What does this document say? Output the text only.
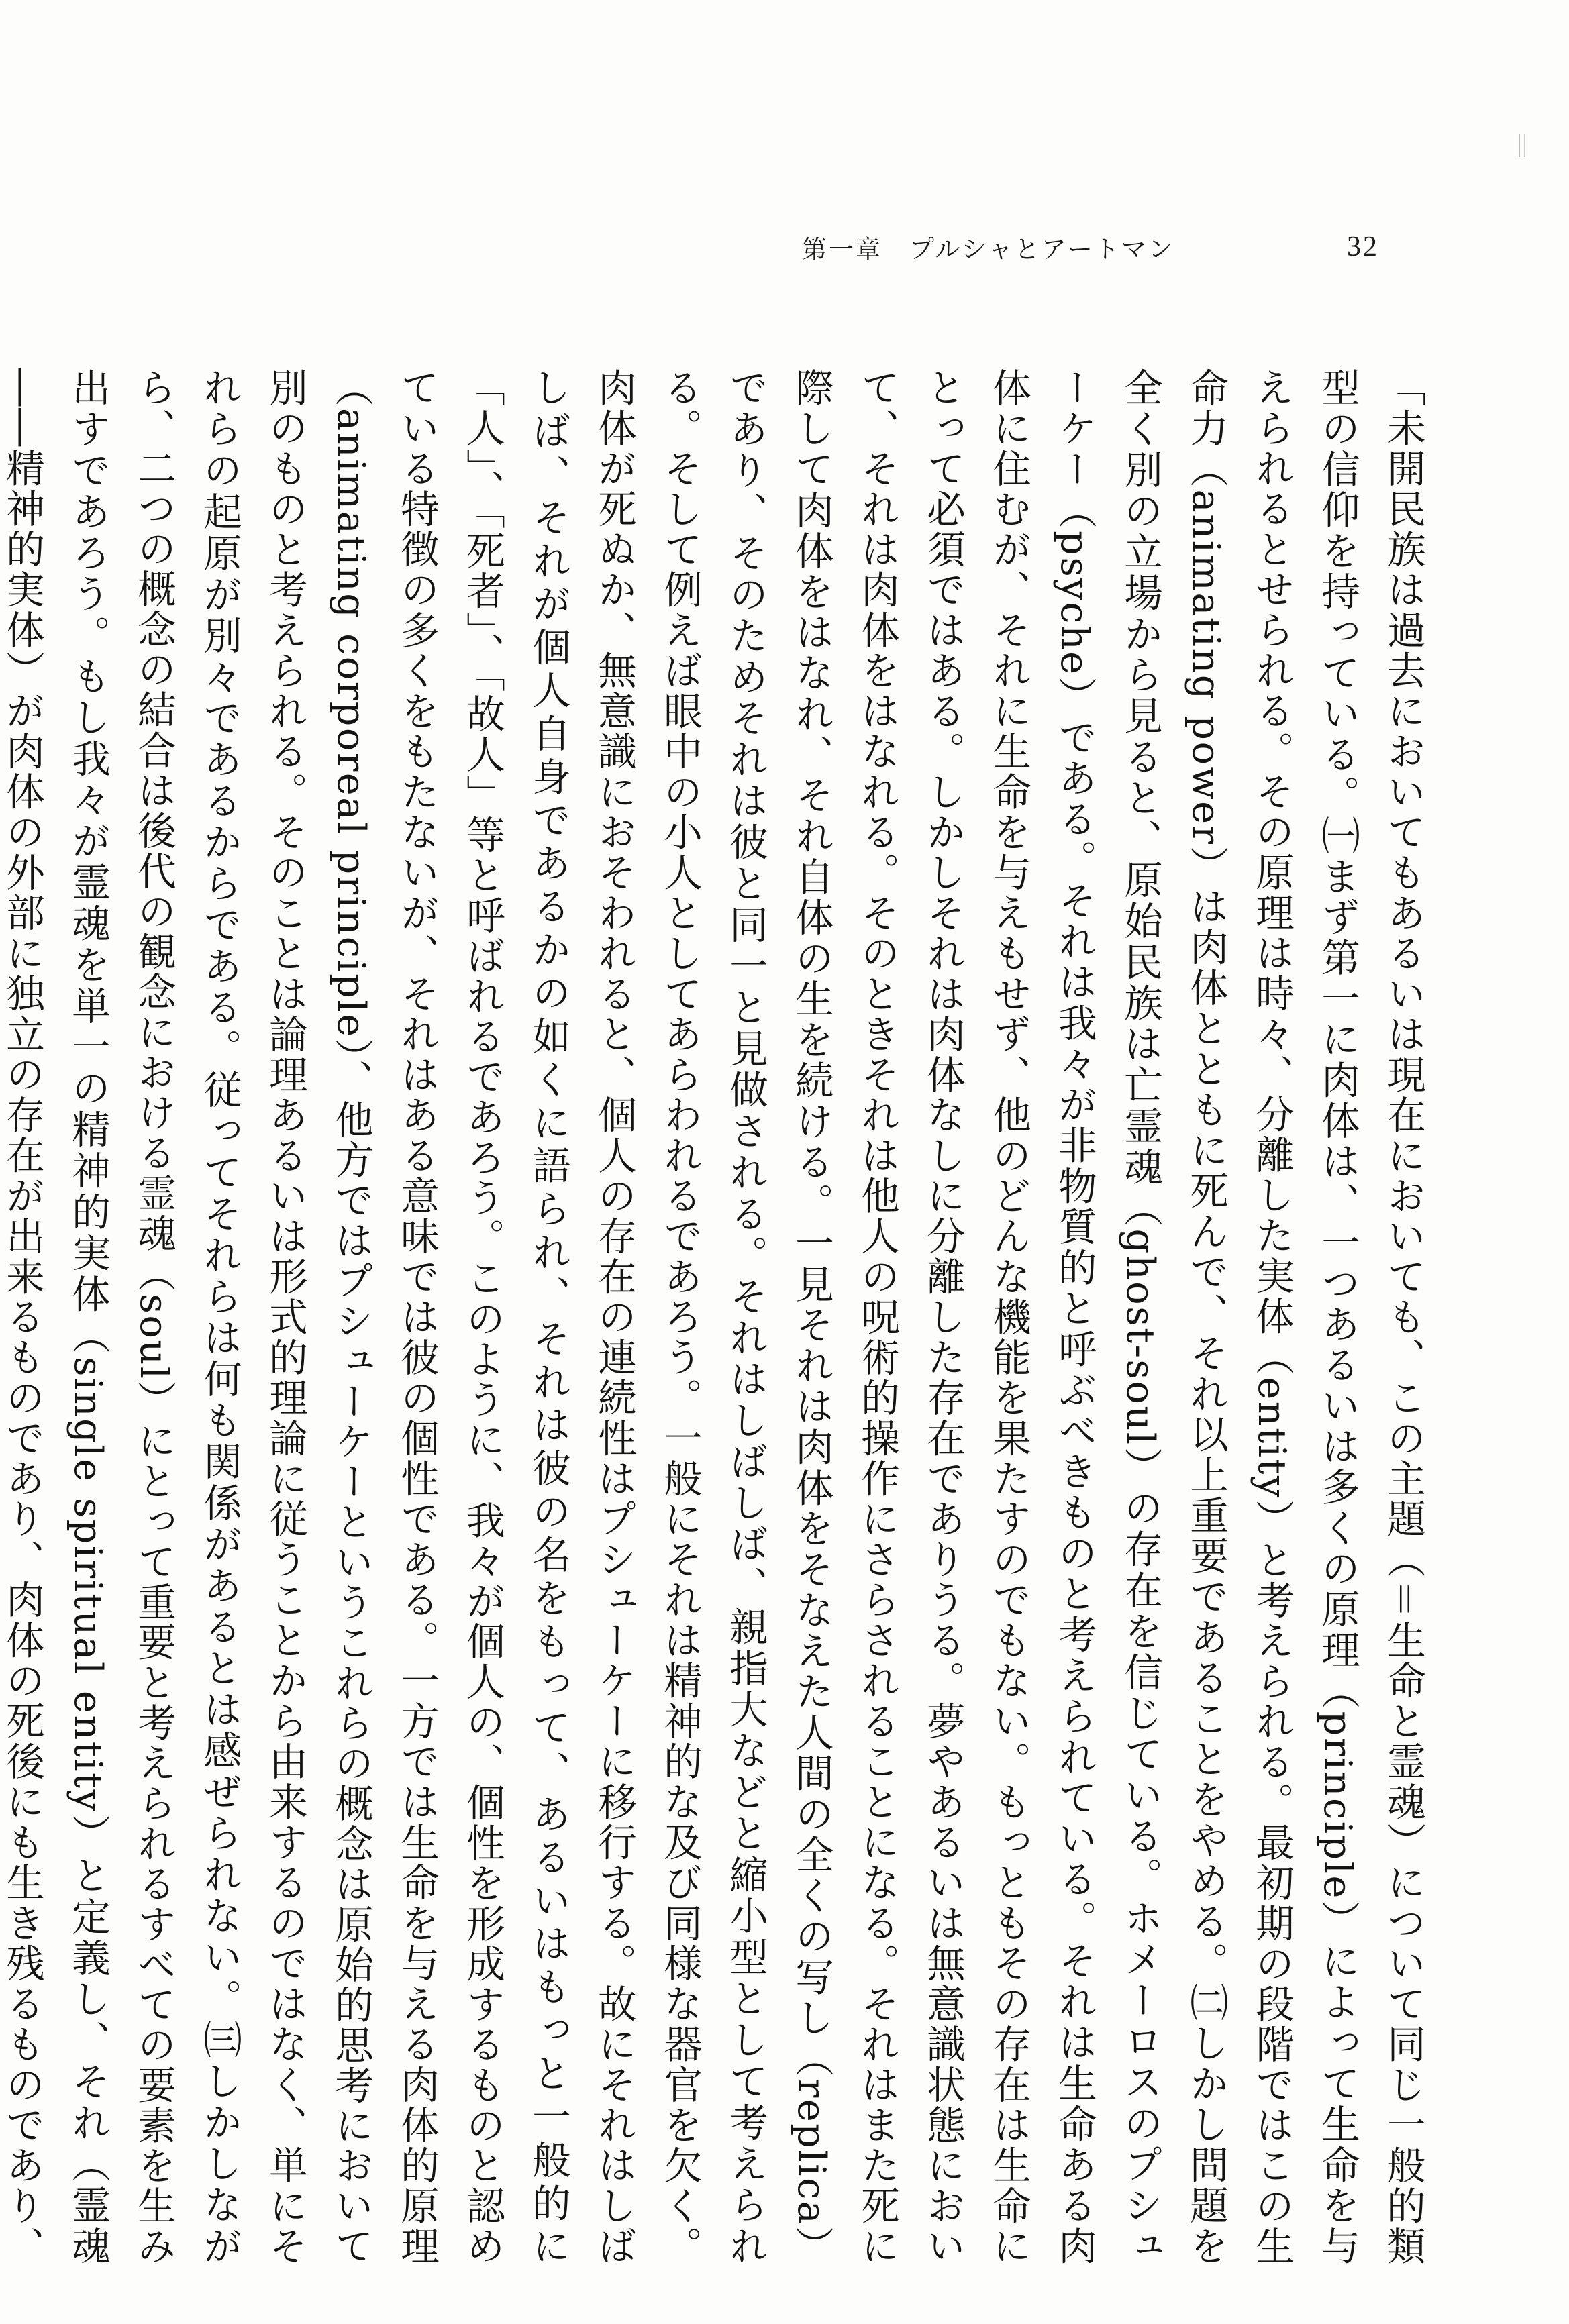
第一章　プルシャとアートマン	32

「未開民族は過去においてもあるいは現在においても、この主題（＝生命と霊魂）について同じ一般的類型の信仰を持っている。㈠まず第一に肉体は、一つあるいは多くの原理（principle）によって生命を与えられるとせられる。その原理は時々、分離した実体（entity）と考えられる。最初期の段階ではこの生命力（animating power）は肉体とともに死んで、それ以上重要であることをやめる。㈡しかし問題を全く別の立場から見ると、原始民族は亡霊魂（ghost-soul）の存在を信じている。ホメーロスのプシューケー（psyche）である。それは我々が非物質的と呼ぶべきものと考えられている。それは生命ある肉体に住むが、それに生命を与えもせず、他のどんな機能を果たすのでもない。もっともその存在は生命にとって必須ではある。しかしそれは肉体なしに分離した存在でありうる。夢やあるいは無意識状態において、それは肉体をはなれる。そのときそれは他人の呪術的操作にさらされることになる。それはまた死に際して肉体をはなれ、それ自体の生を続ける。一見それは肉体をそなえた人間の全くの写し（replica）であり、そのためそれは彼と同一と見做される。それはしばしば、親指大などと縮小型として考えられる。そして例えば眼中の小人としてあらわれるであろう。一般にそれは精神的な及び同様な器官を欠く。肉体が死ぬか、無意識におそわれると、個人の存在の連続性はプシューケーに移行する。故にそれはしばしば、それが個人自身であるかの如くに語られ、それは彼の名をもって、あるいはもっと一般的に「人」、「死者」、「故人」等と呼ばれるであろう。このように、我々が個人の、個性を形成するものと認めている特徴の多くをもたないが、それはある意味では彼の個性である。一方では生命を与える肉体的原理（animating corporeal principle）、他方ではプシューケーというこれらの概念は原始的思考において別のものと考えられる。そのことは論理あるいは形式的理論に従うことから由来するのではなく、単にそれらの起原が別々であるからである。従ってそれらは何も関係があるとは感ぜられない。㈢しかしながら、二つの概念の結合は後代の観念における霊魂（soul）にとって重要と考えられるすべての要素を生み出すであろう。もし我々が霊魂を単一の精神的実体（single spiritual entity）と定義し、それ（霊魂――精神的実体）が肉体の外部に独立の存在が出来るものであり、肉体の死後にも生き残るものであり、
